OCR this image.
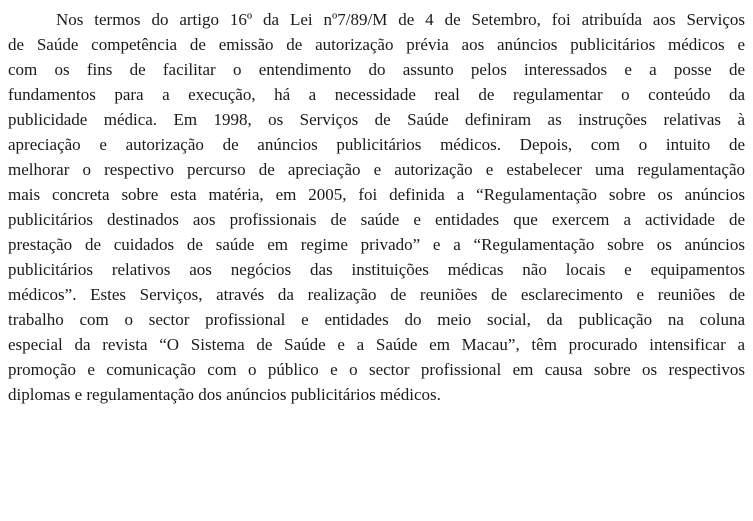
Nos termos do artigo 16º da Lei nº7/89/M de 4 de Setembro, foi atribuída aos Serviços
de Saúde competência de emissão de autorização prévia aos anúncios publicitários médicos e
com os fins de facilitar o entendimento do assunto pelos interessados e a posse de
fundamentos para a execução, há a necessidade real de regulamentar o conteúdo da
publicidade médica. Em 1998, os Serviços de Saúde definiram as instruções relativas à
apreciação e autorização de anúncios publicitários médicos. Depois, com o intuito de
melhorar o respectivo percurso de apreciação e autorização e estabelecer uma regulamentação
mais concreta sobre esta matéria, em 2005, foi definida a “Regulamentação sobre os anúncios
publicitários destinados aos profissionais de saúde e entidades que exercem a actividade de
prestação de cuidados de saúde em regime privado” e a “Regulamentação sobre os anúncios
publicitários relativos aos negócios das instituições médicas não locais e equipamentos
médicos”. Estes Serviços, através da realização de reuniões de esclarecimento e reuniões de
trabalho com o sector profissional e entidades do meio social, da publicação na coluna
especial da revista “O Sistema de Saúde e a Saúde em Macau”, têm procurado intensificar a
promoção e comunicação com o público e o sector profissional em causa sobre os respectivos
diplomas e regulamentação dos anúncios publicitários médicos.
